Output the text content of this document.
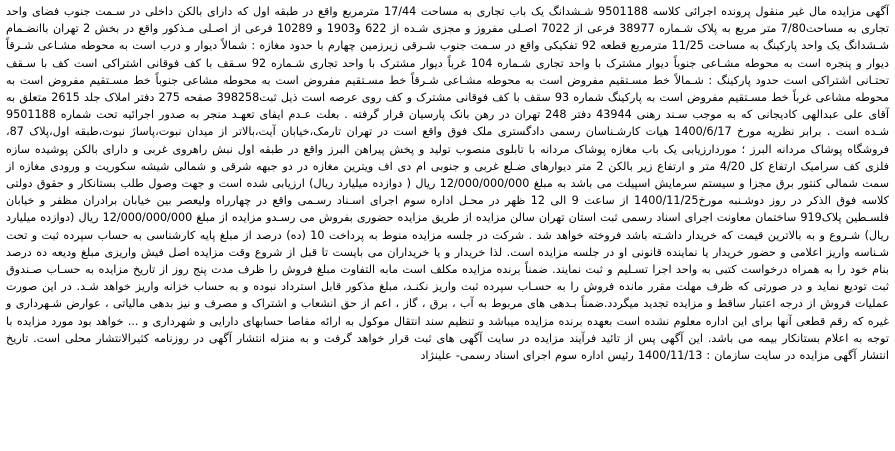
آگهی مزایده مال غیر منقول پرونده اجرائی کلاسه 9501188 شـشدانگ یک باب تجاری به مساحت 17/44 مترمربع واقع در طبقه اول که دارای بالکن داخلی در سـمت جنوب فضای واحد تجاری به مساحت7/80 متر مربع به پلاک شـماره 38977 فرعی از 7022 اصـلی مفروز و مجزی شـده از 622 و1903 و 10289 فرعی از اصـلی مـذکور واقع در بخش 2 تهران باانضـمام شـشدانگ یک واحد پارکینگ به مساحت 11/25 مترمربع قطعه 92 تفکیکی واقع در سـمت جنوب شـرقی زیرزمین چهارم با حدود مغازه : شمالاً دیوار و درب است به محوطه مشـاعی شـرقاً دیوار و پنجره است به محوطه مشـاعی جنوباً دیوار مشترک با واحد تجاری شـماره 104 غرباً دیوار مشترک با واحد تجاری شـماره 92 سـقف با کف فوقانی اشتراکی است کف با سـقف تحتـانی اشتراکی است حدود پارکینگ : شـمالاً خط مسـتقیم مفروض است به محوطه مشـاعی شـرقاً خط مسـتقیم مفروض است به محوطه مشاعی جنوباً خط مسـتقیم مفروض است به محوطه مشاعی غرباً خط مسـتقیم مفروض است به پارکینگ شماره 93 سقف با کف فوقانی مشترک و کف روی عرصه است ذیل ثبت398258 صفحه 275 دفتر املاک جلد 2615 متعلق به آقای علی عبدالهی کادیجانی که به موجب سـند رهنی 43944 دفتر 248 تهران در رهن بانک پارسیان قرار گرفته . بعلت عـدم ایفای تعهـد منجر به صدور اجرائیه تحت شماره 9501188 شـده است . برابر نظریه مورخ 1400/6/17 هیات کارشـناسان رسمی دادگستری ملک فوق واقع است در تهران تارمک،خیابان آیت،بالاتر از میدان نبوت،پاساژ نبوت،طبقه اول،پلاک 87، فروشگاه پوشاک مردانه البرز ؛ موردارزیابی یک باب مغازه پوشاک مردانه با تابلوی منصوب تولید و پخش پیراهن البرز واقع در طبقه اول نبش راهروی غربی و دارای بالکن پوشیده سازه فلزی کف سرامیک ارتفاع کل 4/20 متر و ارتفاع زیر بالکن 2 متر دیوارهای ضـلع غربی و جنوبی ام دی اف ویترین مغازه در دو جبهه شرقی و شمالی شیشه سکوریت و ورودی مغازه از سمت شمالی کنتور برق مجزا و سیستم سرمایش اسپیلت می باشد به مبلغ 12/000/000/000 ریال ( دوازده میلیارد ریال) ارزیابی شده است و جهت وصول طلب بستانکار و حقوق دولتی کلاسه فوق الذکر در روز دوشـنبه مورخ1400/11/25 از ساعت 9 الی 12 ظهر در محـل اداره سوم اجرای اسـناد رسـمی واقع در چهارراه ولیعصر بین خیابان برادران مظفر و خیابان فلسـطین پلاک919 ساختمان معاونت اجرای اسناد رسمی ثبت استان تهران سالن مزایده از طریق مزایده حضوری بفروش می رسـدو مزایده از مبلغ 12/000/000/000 ریال (دوازده میلیارد ریال) شـروع و به بالاترین قیمت که خریدار داشـته باشد فروخته خواهد شد . شرکت در جلسه مزایده منوط به پرداخت 10 (ده) درصد از مبلغ پایه کارشناسی به حساب سپرده ثبت و تحت شـناسه واریز اعلامی و حضور خریدار یا نماینده قانونی او در جلسه مزایده است. لذا خریدار و یا خریداران می بایست تا قبل از شروع وقت مزایده اصل فیش واریزی مبلغ ودیعه ده درصد بنام خود را به همراه درخواست کتبی به واحد اجرا تسـلیم و ثبت نمایند. ضمناً برنده مزایده مکلف است مابه التفاوت مبلغ فروش را ظرف مدت پنج روز از تاریخ مزایده به حسـاب صـندوق ثبت تودیع نماید و در صورتی که ظرف مهلت مقرر مانده فروش را به حسـاب سپرده ثبت واریز نکنـد، مبلغ مذکور قابل استرداد نبوده و به حساب خزانه واریز خواهد شـد. در این صورت عملیات فروش از درجه اعتبار ساقط و مزایده تجدید میگردد.ضمناً بـدهی های مربوط به آب ، برق ، گاز ، اعم از حق انشعاب و اشتراک و مصرف و نیز بدهی مالیاتی ، عوارض شـهرداری و غیره که رقم قطعی آنها برای این اداره معلوم نشده است بعهده برنده مزایده میباشد و تنظیم سند انتقال موکول به ارائه مفاصا حسابهای دارایی و شهرداری و ... خواهد بود مورد مزایده با توجه به اعلام بستانکار بیمه می باشد. این آگهی پس از تائید فرآیند مزایده در سایت آگهی های ثبت قرار خواهد گرفت و به منزله انتشار آگهی در روزنامه کثیرالانتشار محلی است. تاریخ انتشار آگهی مزایده در سایت سازمان : 1400/11/13 رئیس اداره سوم اجرای اسناد رسمی- علینژاد
